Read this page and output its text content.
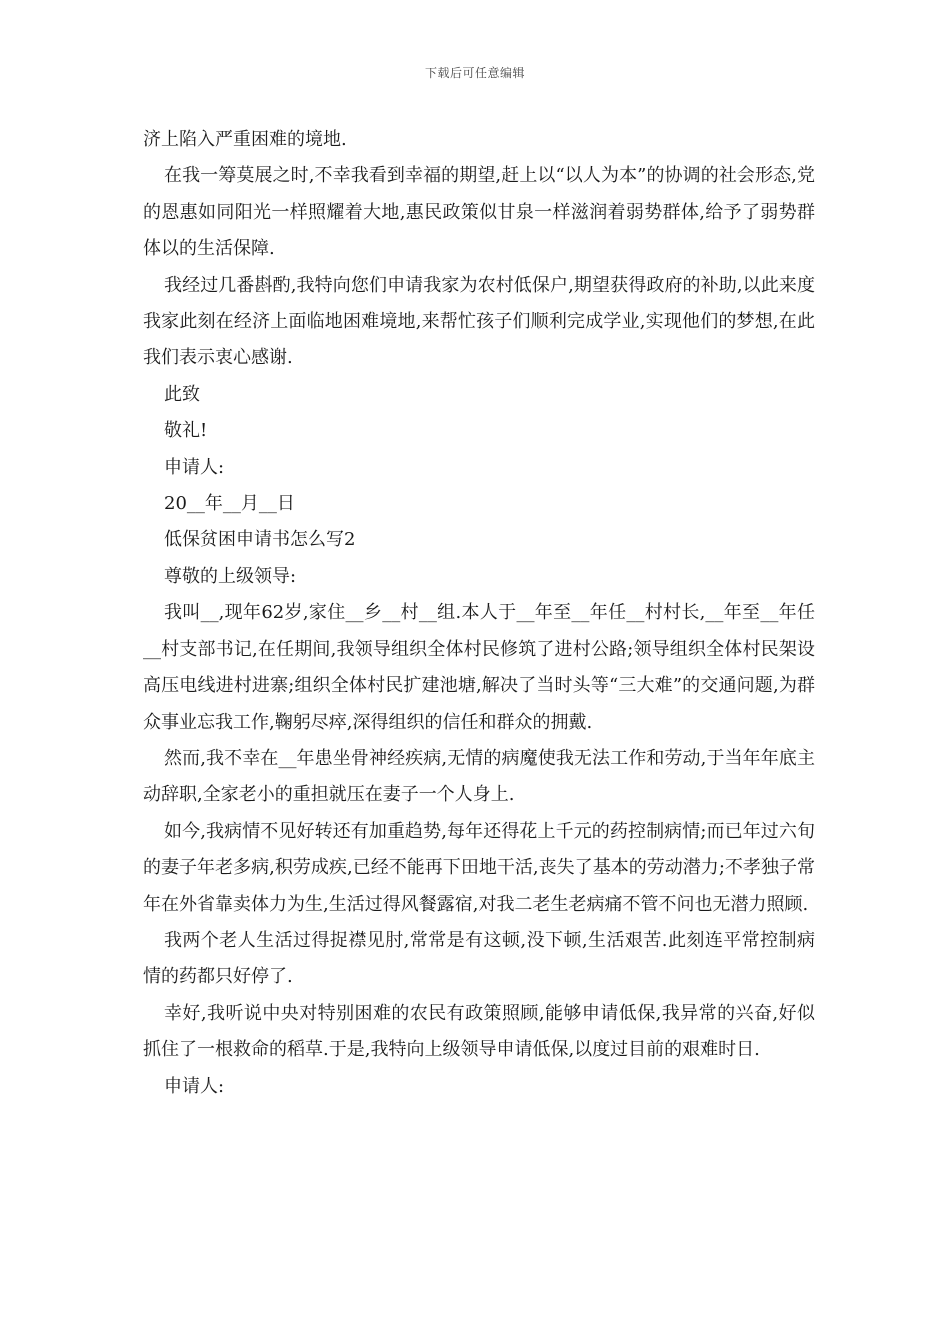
下载后可任意编辑

济上陷入严重困难的境地.

在我一筹莫展之时,不幸我看到幸福的期望,赶上以“以人为本”的协调的社会形态,党的恩惠如同阳光一样照耀着大地,惠民政策似甘泉一样滋润着弱势群体,给予了弱势群体以的生活保障.

我经过几番斟酌,我特向您们申请我家为农村低保户,期望获得政府的补助,以此来度我家此刻在经济上面临地困难境地,来帮忙孩子们顺利完成学业,实现他们的梦想,在此我们表示衷心感谢.

此致

敬礼!

申请人:

20__年__月__日

低保贫困申请书怎么写2

尊敬的上级领导:

我叫__,现年62岁,家住__乡__村__组.本人于__年至__年任__村村长,__年至__年任__村支部书记,在任期间,我领导组织全体村民修筑了进村公路;领导组织全体村民架设高压电线进村进寨;组织全体村民扩建池塘,解决了当时头等“三大难”的交通问题,为群众事业忘我工作,鞠躬尽瘁,深得组织的信任和群众的拥戴.

然而,我不幸在__年患坐骨神经疾病,无情的病魔使我无法工作和劳动,于当年年底主动辞职,全家老小的重担就压在妻子一个人身上.

如今,我病情不见好转还有加重趋势,每年还得花上千元的药控制病情;而已年过六旬的妻子年老多病,积劳成疾,已经不能再下田地干活,丧失了基本的劳动潜力;不孝独子常年在外省靠卖体力为生,生活过得风餐露宿,对我二老生老病痛不管不问也无潜力照顾.

我两个老人生活过得捉襟见肘,常常是有这顿,没下顿,生活艰苦.此刻连平常控制病情的药都只好停了.

幸好,我听说中央对特别困难的农民有政策照顾,能够申请低保,我异常的兴奋,好似抓住了一根救命的稻草.于是,我特向上级领导申请低保,以度过目前的艰难时日.

申请人:
